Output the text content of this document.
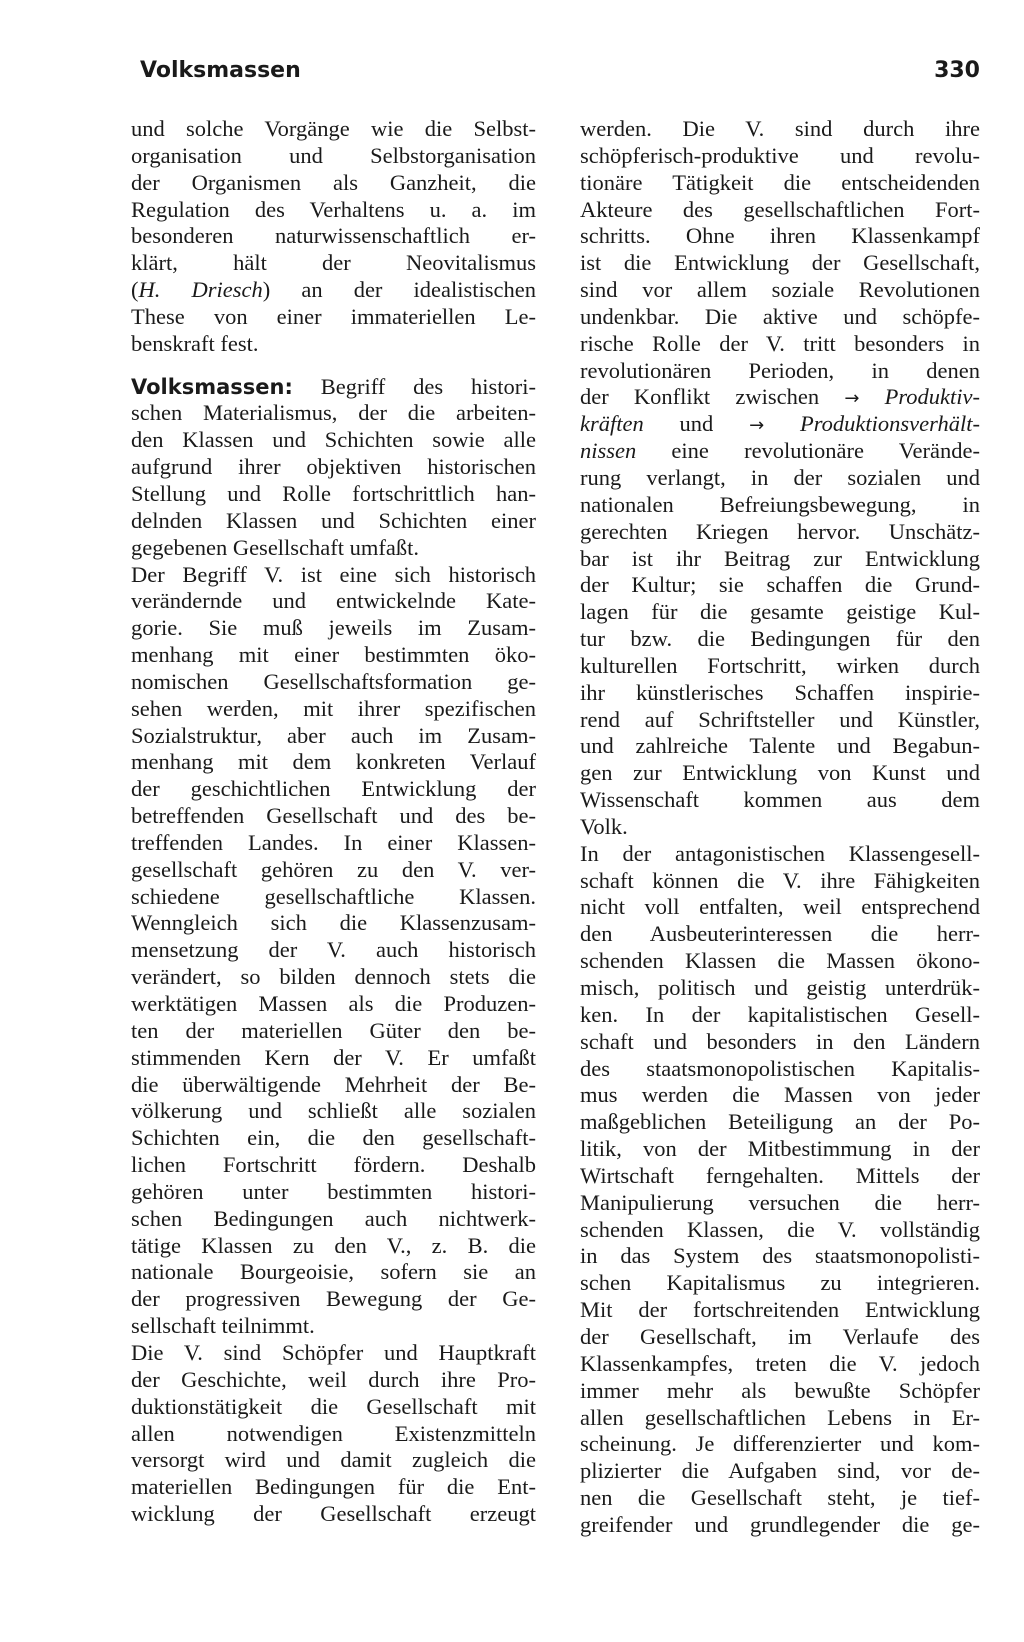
Volksmassen	330
und solche Vorgänge wie die Selbst-
organisation und Selbstorganisation
der Organismen als Ganzheit, die
Regulation des Verhaltens u. a. im
besonderen naturwissenschaftlich er-
klärt, hält der Neovitalismus
(H. Driesch) an der idealistischen
These von einer immateriellen Le-
benskraft fest.
Volksmassen: Begriff des histori-
schen Materialismus, der die arbeiten-
den Klassen und Schichten sowie alle
aufgrund ihrer objektiven historischen
Stellung und Rolle fortschrittlich han-
delnden Klassen und Schichten einer
gegebenen Gesellschaft umfaßt.
Der Begriff V. ist eine sich historisch
verändernde und entwickelnde Kate-
gorie. Sie muß jeweils im Zusam-
menhang mit einer bestimmten öko-
nomischen Gesellschaftsformation ge-
sehen werden, mit ihrer spezifischen
Sozialstruktur, aber auch im Zusam-
menhang mit dem konkreten Verlauf
der geschichtlichen Entwicklung der
betreffenden Gesellschaft und des be-
treffenden Landes. In einer Klassen-
gesellschaft gehören zu den V. ver-
schiedene gesellschaftliche Klassen.
Wenngleich sich die Klassenzusam-
mensetzung der V. auch historisch
verändert, so bilden dennoch stets die
werktätigen Massen als die Produzen-
ten der materiellen Güter den be-
stimmenden Kern der V. Er umfaßt
die überwältigende Mehrheit der Be-
völkerung und schließt alle sozialen
Schichten ein, die den gesellschaft-
lichen Fortschritt fördern. Deshalb
gehören unter bestimmten histori-
schen Bedingungen auch nichtwerk-
tätige Klassen zu den V., z. B. die
nationale Bourgeoisie, sofern sie an
der progressiven Bewegung der Ge-
sellschaft teilnimmt.
Die V. sind Schöpfer und Hauptkraft
der Geschichte, weil durch ihre Pro-
duktionstätigkeit die Gesellschaft mit
allen notwendigen Existenzmitteln
versorgt wird und damit zugleich die
materiellen Bedingungen für die Ent-
wicklung der Gesellschaft erzeugt
werden. Die V. sind durch ihre
schöpferisch-produktive und revolu-
tionäre Tätigkeit die entscheidenden
Akteure des gesellschaftlichen Fort-
schritts. Ohne ihren Klassenkampf
ist die Entwicklung der Gesellschaft,
sind vor allem soziale Revolutionen
undenkbar. Die aktive und schöpfe-
rische Rolle der V. tritt besonders in
revolutionären Perioden, in denen
der Konflikt zwischen → Produktiv-
kräften und → Produktionsverhält-
nissen eine revolutionäre Verände-
rung verlangt, in der sozialen und
nationalen Befreiungsbewegung, in
gerechten Kriegen hervor. Unschätz-
bar ist ihr Beitrag zur Entwicklung
der Kultur; sie schaffen die Grund-
lagen für die gesamte geistige Kul-
tur bzw. die Bedingungen für den
kulturellen Fortschritt, wirken durch
ihr künstlerisches Schaffen inspirie-
rend auf Schriftsteller und Künstler,
und zahlreiche Talente und Begabun-
gen zur Entwicklung von Kunst und
Wissenschaft kommen aus dem
Volk.
In der antagonistischen Klassengesell-
schaft können die V. ihre Fähigkeiten
nicht voll entfalten, weil entsprechend
den Ausbeuterinteressen die herr-
schenden Klassen die Massen ökono-
misch, politisch und geistig unterdrük-
ken. In der kapitalistischen Gesell-
schaft und besonders in den Ländern
des staatsmonopolistischen Kapitalis-
mus werden die Massen von jeder
maßgeblichen Beteiligung an der Po-
litik, von der Mitbestimmung in der
Wirtschaft ferngehalten. Mittels der
Manipulierung versuchen die herr-
schenden Klassen, die V. vollständig
in das System des staatsmonopolisti-
schen Kapitalismus zu integrieren.
Mit der fortschreitenden Entwicklung
der Gesellschaft, im Verlaufe des
Klassenkampfes, treten die V. jedoch
immer mehr als bewußte Schöpfer
allen gesellschaftlichen Lebens in Er-
scheinung. Je differenzierter und kom-
plizierter die Aufgaben sind, vor de-
nen die Gesellschaft steht, je tief-
greifender und grundlegender die ge-
